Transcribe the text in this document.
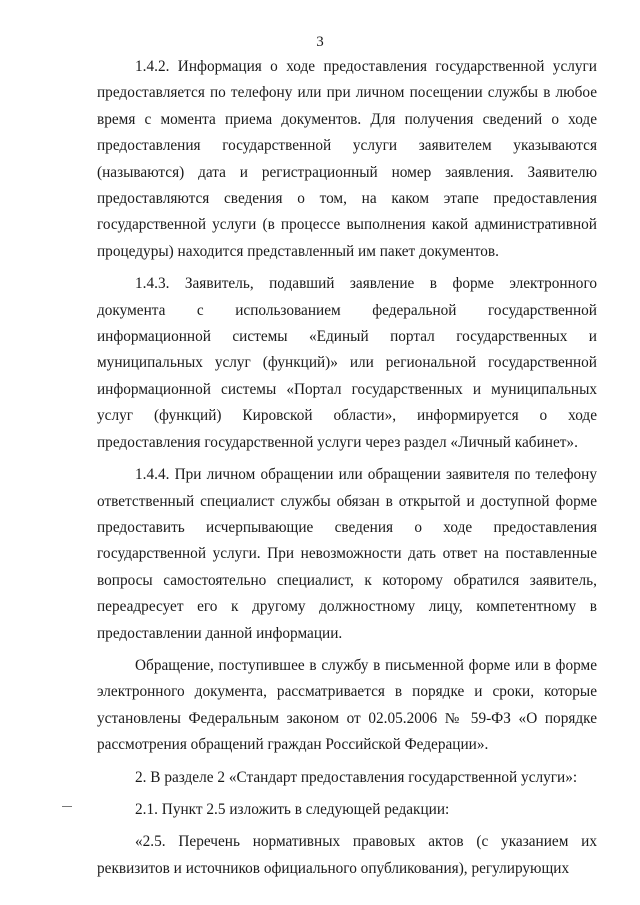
3

1.4.2. Информация о ходе предоставления государственной услуги предоставляется по телефону или при личном посещении службы в любое время с момента приема документов. Для получения сведений о ходе предоставления государственной услуги заявителем указываются (называются) дата и регистрационный номер заявления. Заявителю предоставляются сведения о том, на каком этапе предоставления государственной услуги (в процессе выполнения какой административной процедуры) находится представленный им пакет документов.

1.4.3. Заявитель, подавший заявление в форме электронного документа с использованием федеральной государственной информационной системы «Единый портал государственных и муниципальных услуг (функций)» или региональной государственной информационной системы «Портал государственных и муниципальных услуг (функций) Кировской области», информируется о ходе предоставления государственной услуги через раздел «Личный кабинет».

1.4.4. При личном обращении или обращении заявителя по телефону ответственный специалист службы обязан в открытой и доступной форме предоставить исчерпывающие сведения о ходе предоставления государственной услуги. При невозможности дать ответ на поставленные вопросы самостоятельно специалист, к которому обратился заявитель, переадресует его к другому должностному лицу, компетентному в предоставлении данной информации.

Обращение, поступившее в службу в письменной форме или в форме электронного документа, рассматривается в порядке и сроки, которые установлены Федеральным законом от 02.05.2006 № 59-ФЗ «О порядке рассмотрения обращений граждан Российской Федерации».

2. В разделе 2 «Стандарт предоставления государственной услуги»:

2.1. Пункт 2.5 изложить в следующей редакции:

«2.5. Перечень нормативных правовых актов (с указанием их реквизитов и источников официального опубликования), регулирующих
